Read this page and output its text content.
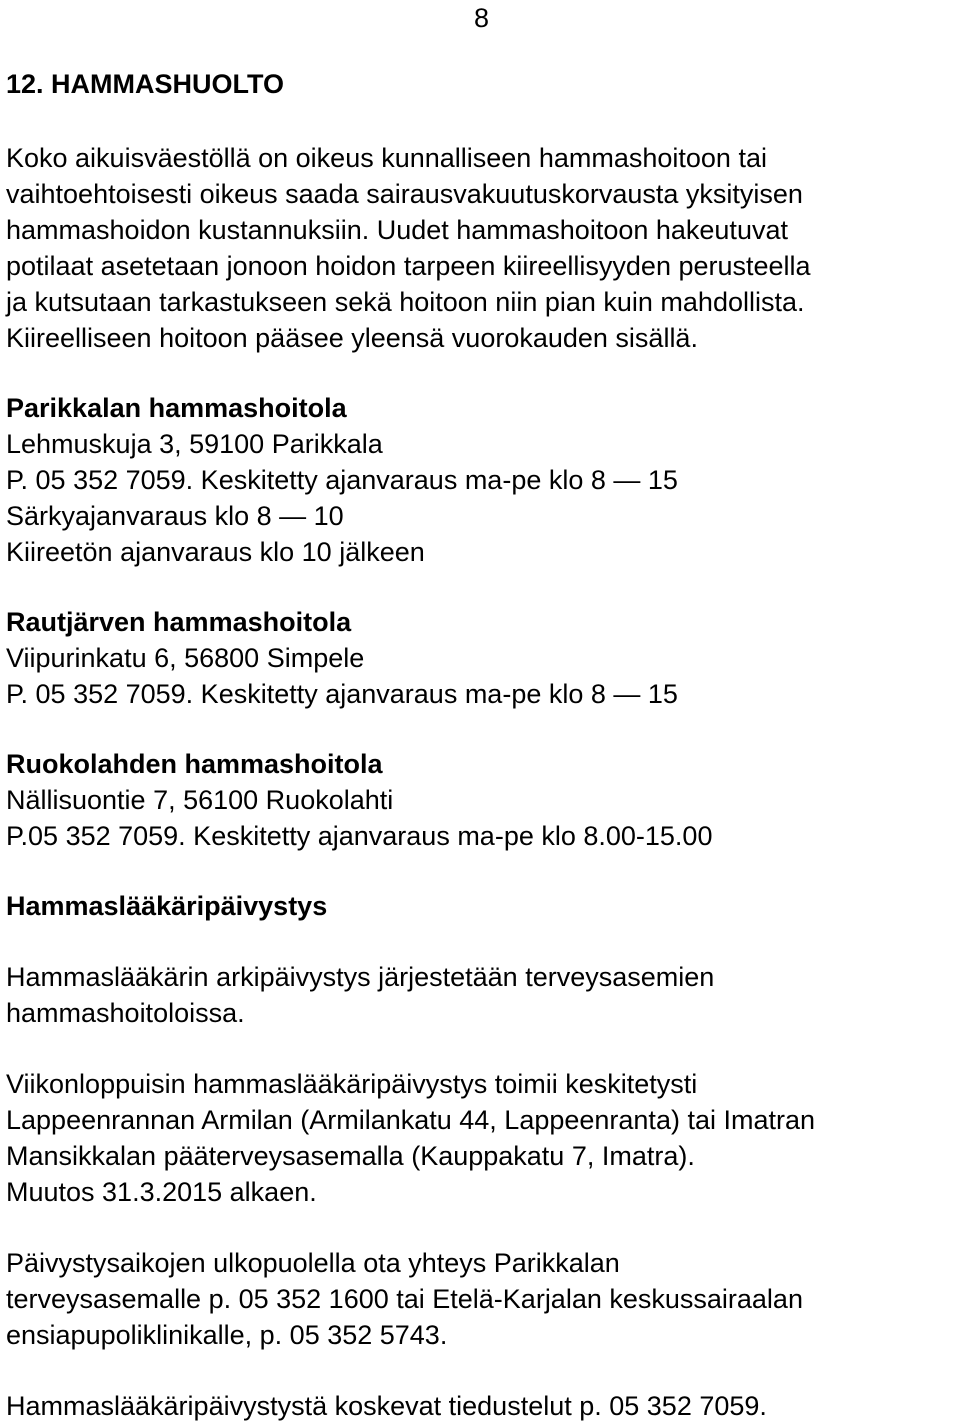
8
12. HAMMASHUOLTO
Koko aikuisväestöllä on oikeus kunnalliseen hammashoitoon tai
vaihtoehtoisesti oikeus saada sairausvakuutuskorvausta yksityisen
hammashoidon kustannuksiin. Uudet hammashoitoon hakeutuvat
potilaat asetetaan jonoon hoidon tarpeen kiireellisyyden perusteella
ja kutsutaan tarkastukseen sekä hoitoon niin pian kuin mahdollista.
Kiireelliseen hoitoon pääsee yleensä vuorokauden sisällä.
Parikkalan hammashoitola
Lehmuskuja 3, 59100 Parikkala
P. 05 352 7059. Keskitetty ajanvaraus ma-pe klo 8 — 15
Särkyajanvaraus klo 8 — 10
Kiireetön ajanvaraus klo 10 jälkeen
Rautjärven hammashoitola
Viipurinkatu 6, 56800 Simpele
P. 05 352 7059. Keskitetty ajanvaraus ma-pe klo 8 — 15
Ruokolahden hammashoitola
Nällisuontie 7, 56100 Ruokolahti
P.05 352 7059. Keskitetty ajanvaraus ma-pe klo 8.00-15.00
Hammaslääkäripäivystys
Hammaslääkärin arkipäivystys järjestetään terveysasemien
hammashoitoloissa.
Viikonloppuisin hammaslääkäripäivystys toimii keskitetysti
Lappeenrannan Armilan (Armilankatu 44, Lappeenranta) tai Imatran
Mansikkalan pääterveysasemalla (Kauppakatu 7, Imatra).
Muutos 31.3.2015 alkaen.
Päivystysaikojen ulkopuolella ota yhteys Parikkalan
terveysasemalle p. 05 352 1600 tai Etelä-Karjalan keskussairaalan
ensiapupoliklinikalle, p. 05 352 5743.
Hammaslääkäripäivystystä koskevat tiedustelut p. 05 352 7059.
